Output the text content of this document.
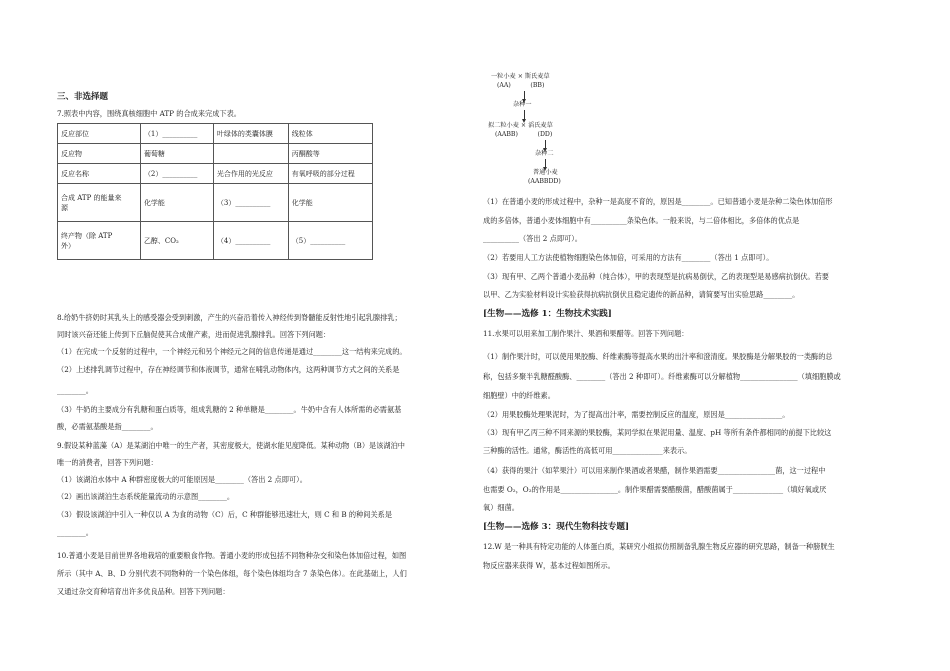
三、非选择题
7.照表中内容，围绕真核细胞中 ATP 的合成来完成下表。
反应部位	（1）__________	叶绿体的类囊体膜	线粒体
反应物	葡萄糖		丙酮酸等
反应名称	（2）__________	光合作用的光反应	有氧呼吸的部分过程
合成 ATP 的能量来
源	化学能	（3）__________	化学能
终产物（除 ATP
外）	乙醇、CO₂	（4）__________	（5）__________
8.给奶牛挤奶时其乳头上的感受器会受到刺激，产生的兴奋沿着传入神经传到脊髓能反射性地引起乳腺排乳；
同时该兴奋还能上传到下丘脑促使其合成催产素，进而促进乳腺排乳。回答下列问题：
（1）在完成一个反射的过程中，一个神经元和另个神经元之间的信息传递是通过________这一结构来完成的。
（2）上述排乳调节过程中，存在神经调节和体液调节，通常在哺乳动物体内，这两种调节方式之间的关系是
________。
（3）牛奶的主要成分有乳糖和蛋白质等，组成乳糖的 2 种单糖是________。牛奶中含有人体所需的必需氨基
酸，必需氨基酸是指________。
9.假设某种蓝藻（A）是某湖泊中唯一的生产者，其密度极大，使湖水能见度降低。某种动物（B）是该湖泊中
唯一的消费者，回答下列问题：
（1）该湖泊水体中 A 种群密度极大的可能原因是________（答出 2 点即可）。
（2）画出该湖泊生态系统能量流动的示意图________。
（3）假设该湖泊中引入一种仅以 A 为食的动物（C）后，C 种群能够迅速壮大，则 C 和 B 的种间关系是
________。
10.普通小麦是目前世界各地栽培的重要粮食作物。普通小麦的形成包括不同物种杂交和染色体加倍过程，如图
所示（其中 A、B、D 分别代表不同物种的一个染色体组，每个染色体组均含 7 条染色体）。在此基础上，人们
又通过杂交育种培育出许多优良品种。回答下列问题：
一粒小麦 × 斯氏麦草
(AA)          (BB)
杂种一
拟二粒小麦 × 滔氏麦草
(AABB)          (DD)
杂种二
普通小麦
(AABBDD)
（1）在普通小麦的形成过程中，杂种一是高度不育的，原因是________。已知普通小麦是杂种二染色体加倍形
成的多倍体，普通小麦体细胞中有__________条染色体。一般来说，与二倍体相比，多倍体的优点是
__________（答出 2 点即可）。
（2）若要用人工方法使植物细胞染色体加倍，可采用的方法有________（答出 1 点即可）。
（3）现有甲、乙两个普通小麦品种（纯合体），甲的表现型是抗病易倒伏，乙的表现型是易感病抗倒伏。若要
以甲、乙为实验材料设计实验获得抗病抗倒伏且稳定遗传的新品种，请简要写出实验思路________。
[生物——选修 1：生物技术实践]
11.水果可以用来加工制作果汁、果酒和果醋等。回答下列问题：
（1）制作果汁时，可以使用果胶酶、纤维素酶等提高水果的出汁率和澄清度。果胶酶是分解果胶的一类酶的总
称，包括多聚半乳糖醛酸酶、________（答出 2 种即可）。纤维素酶可以分解植物________________（填细胞膜或
细胞壁）中的纤维素。
（2）用果胶酶处理果泥时，为了提高出汁率，需要控制反应的温度，原因是________________。
（3）现有甲乙丙三种不同来源的果胶酶，某同学拟在果泥用量、温度、pH 等所有条件都相同的前提下比较这
三种酶的活性。通常，酶活性的高低可用______________来表示。
（4）获得的果汁（如苹果汁）可以用来制作果酒或者果醋，制作果酒需要________________菌，这一过程中
也需要 O₂，O₂的作用是________________。制作果醋需要醋酸菌，醋酸菌属于______________（填好氧或厌
氧）细菌。
[生物——选修 3：现代生物科技专题]
12.W 是一种具有特定功能的人体蛋白质，某研究小组拟仿照制备乳腺生物反应器的研究思路，制备一种膀胱生
物反应器来获得 W，基本过程如图所示。
